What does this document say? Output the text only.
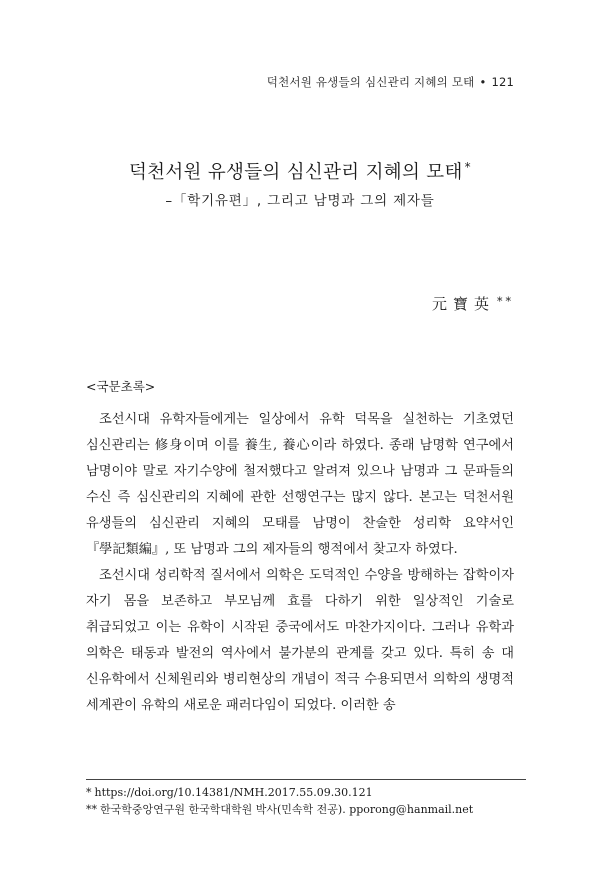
덕천서원 유생들의 심신관리 지혜의 모태 • 121
덕천서원 유생들의 심신관리 지혜의 모태 *
–「학기유편」, 그리고 남명과 그의 제자들
元寶英 **
<국문초록>

조선시대 유학자들에게는 일상에서 유학 덕목을 실천하는 기초였던 심신관리는 修身이며 이를 養生, 養心이라 하였다. 종래 남명학 연구에서 남명이야 말로 자기수양에 철저했다고 알려져 있으나 남명과 그 문파들의 수신 즉 심신관리의 지혜에 관한 선행연구는 많지 않다. 본고는 덕천서원 유생들의 심신관리 지혜의 모태를 남명이 찬술한 성리학 요약서인『學記類編』, 또 남명과 그의 제자들의 행적에서 찾고자 하였다.

조선시대 성리학적 질서에서 의학은 도덕적인 수양을 방해하는 잡학이자 자기 몸을 보존하고 부모님께 효를 다하기 위한 일상적인 기술로 취급되었고 이는 유학이 시작된 중국에서도 마찬가지이다. 그러나 유학과 의학은 태동과 발전의 역사에서 불가분의 관계를 갖고 있다. 특히 송 대 신유학에서 신체원리와 병리현상의 개념이 적극 수용되면서 의학의 생명적 세계관이 유학의 새로운 패러다임이 되었다. 이러한 송

* https://doi.org/10.14381/NMH.2017.55.09.30.121
** 한국학중앙연구원 한국학대학원 박사(민속학 전공). pporong@hanmail.net
